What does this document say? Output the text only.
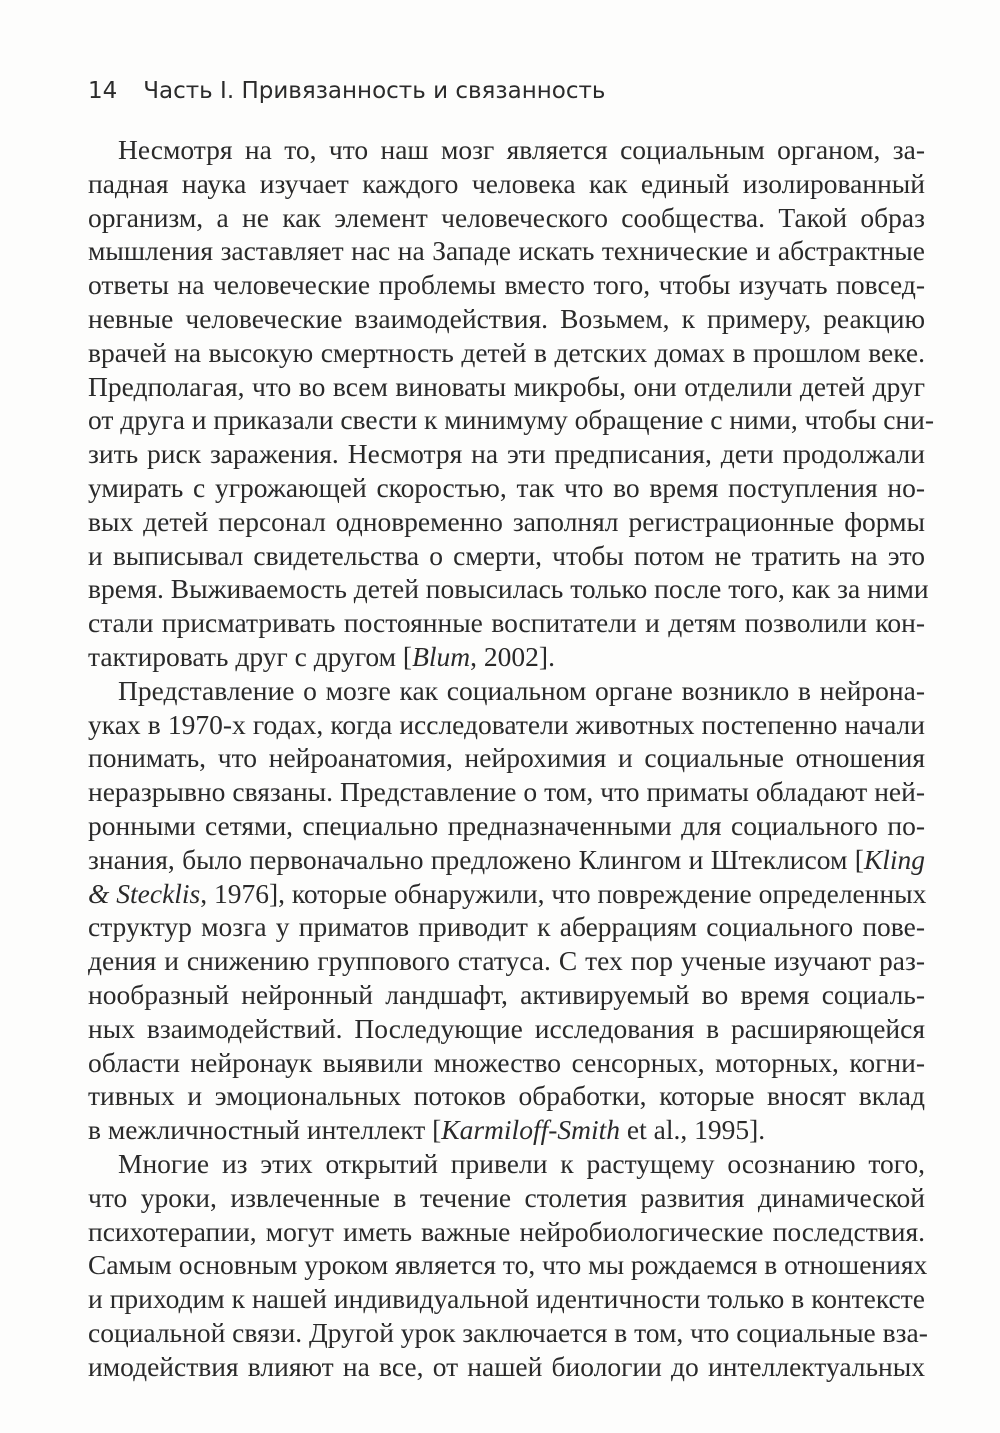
14 Часть I. Привязанность и связанность
Несмотря на то, что наш мозг является социальным органом, за-
падная наука изучает каждого человека как единый изолированный
организм, а не как элемент человеческого сообщества. Такой образ
мышления заставляет нас на Западе искать технические и абстрактные
ответы на человеческие проблемы вместо того, чтобы изучать повсед-
невные человеческие взаимодействия. Возьмем, к примеру, реакцию
врачей на высокую смертность детей в детских домах в прошлом веке.
Предполагая, что во всем виноваты микробы, они отделили детей друг
от друга и приказали свести к минимуму обращение с ними, чтобы сни-
зить риск заражения. Несмотря на эти предписания, дети продолжали
умирать с угрожающей скоростью, так что во время поступления но-
вых детей персонал одновременно заполнял регистрационные формы
и выписывал свидетельства о смерти, чтобы потом не тратить на это
время. Выживаемость детей повысилась только после того, как за ними
стали присматривать постоянные воспитатели и детям позволили кон-
тактировать друг с другом [Blum, 2002].
Представление о мозге как социальном органе возникло в нейрона-
уках в 1970-х годах, когда исследователи животных постепенно начали
понимать, что нейроанатомия, нейрохимия и социальные отношения
неразрывно связаны. Представление о том, что приматы обладают ней-
ронными сетями, специально предназначенными для социального по-
знания, было первоначально предложено Клингом и Штеклисом [Kling
& Stecklis, 1976], которые обнаружили, что повреждение определенных
структур мозга у приматов приводит к аберрациям социального пове-
дения и снижению группового статуса. С тех пор ученые изучают раз-
нообразный нейронный ландшафт, активируемый во время социаль-
ных взаимодействий. Последующие исследования в расширяющейся
области нейронаук выявили множество сенсорных, моторных, когни-
тивных и эмоциональных потоков обработки, которые вносят вклад
в межличностный интеллект [Karmiloff-Smith et al., 1995].
Многие из этих открытий привели к растущему осознанию того,
что уроки, извлеченные в течение столетия развития динамической
психотерапии, могут иметь важные нейробиологические последствия.
Самым основным уроком является то, что мы рождаемся в отношениях
и приходим к нашей индивидуальной идентичности только в контексте
социальной связи. Другой урок заключается в том, что социальные вза-
имодействия влияют на все, от нашей биологии до интеллектуальных
